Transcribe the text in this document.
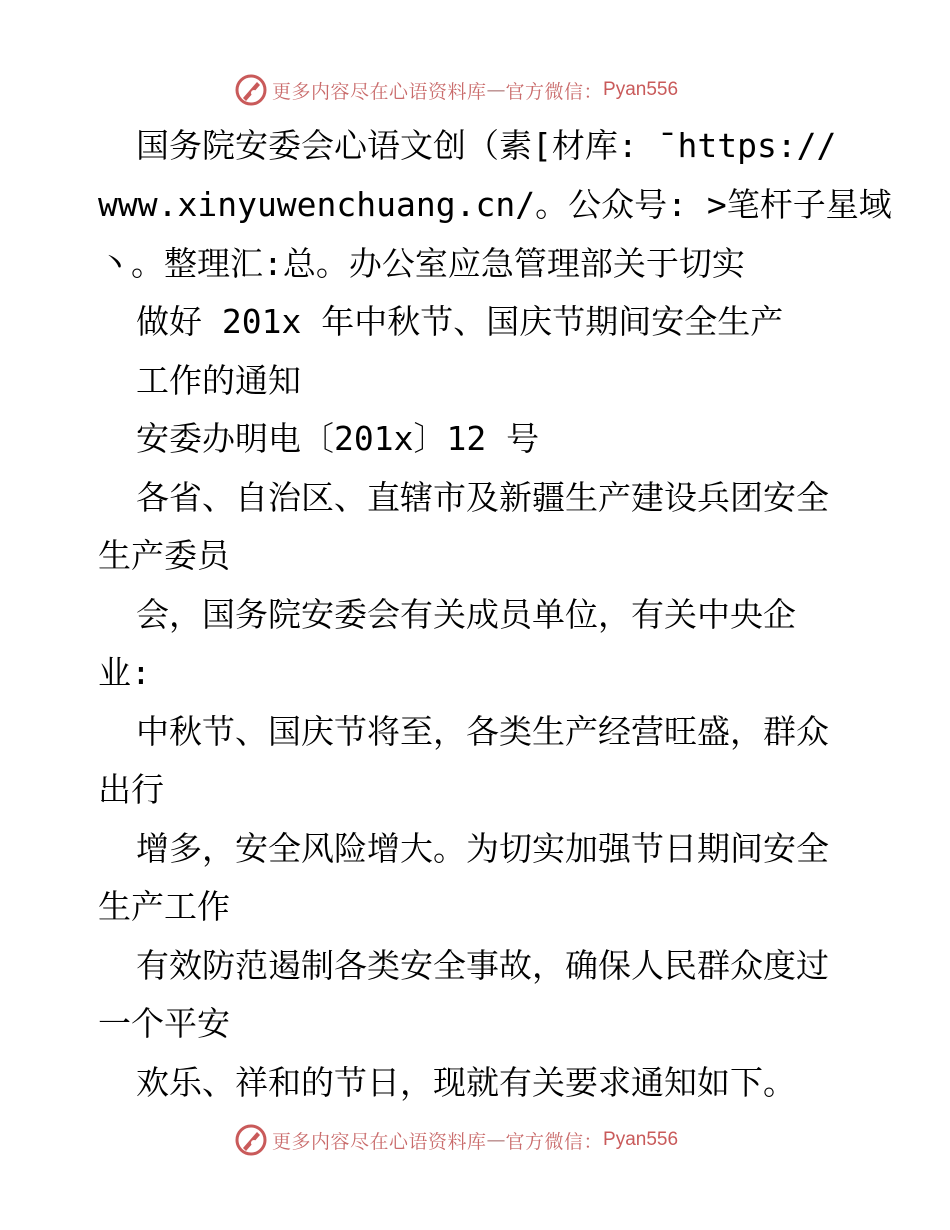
更多内容尽在心语资料库 — 官方微信： Pyan556
国务院安委会心语文创（素[材库: ¯https://
www.xinyuwenchuang.cn/。公众号: >笔杆子星域
丶。整理汇:总。办公室应急管理部关于切实
做好 201x 年中秋节、国庆节期间安全生产
工作的通知
安委办明电〔201x〕12 号
各省、自治区、直辖市及新疆生产建设兵团安全
生产委员
会，国务院安委会有关成员单位，有关中央企
业:
中秋节、国庆节将至，各类生产经营旺盛，群众
出行
增多，安全风险增大。为切实加强节日期间安全
生产工作
有效防范遏制各类安全事故，确保人民群众度过
一个平安
欢乐、祥和的节日，现就有关要求通知如下。
更多内容尽在心语资料库 — 官方微信： Pyan556
